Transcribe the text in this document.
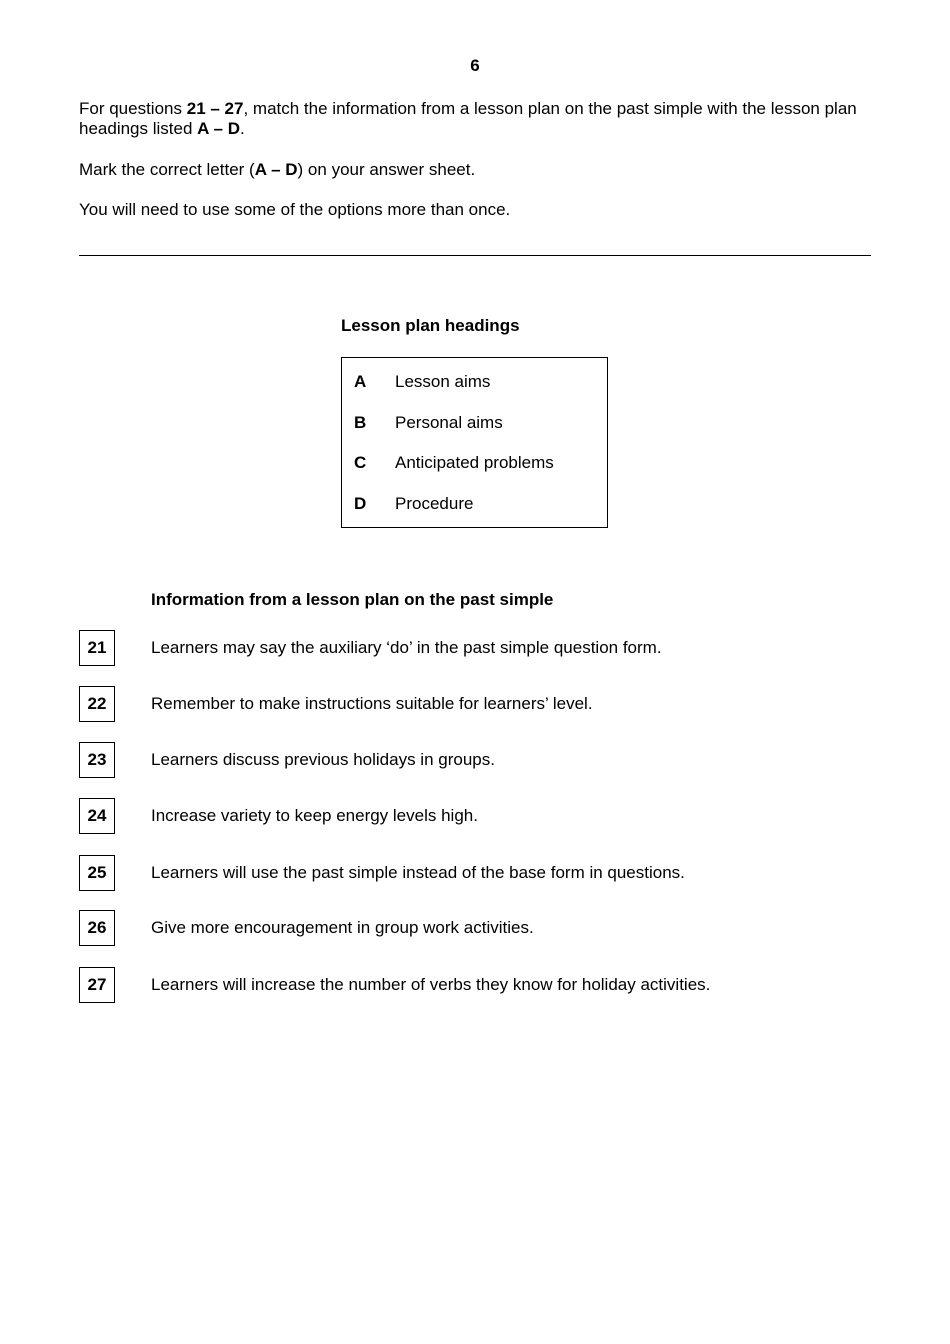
6

For questions 21 – 27, match the information from a lesson plan on the past simple with the lesson plan headings listed A – D.

Mark the correct letter (A – D) on your answer sheet.

You will need to use some of the options more than once.

Lesson plan headings
A Lesson aims
B Personal aims
C Anticipated problems
D Procedure
Information from a lesson plan on the past simple
21	Learners may say the auxiliary ‘do’ in the past simple question form.
22	Remember to make instructions suitable for learners’ level.
23	Learners discuss previous holidays in groups.
24	Increase variety to keep energy levels high.
25	Learners will use the past simple instead of the base form in questions.
26	Give more encouragement in group work activities.
27	Learners will increase the number of verbs they know for holiday activities.
